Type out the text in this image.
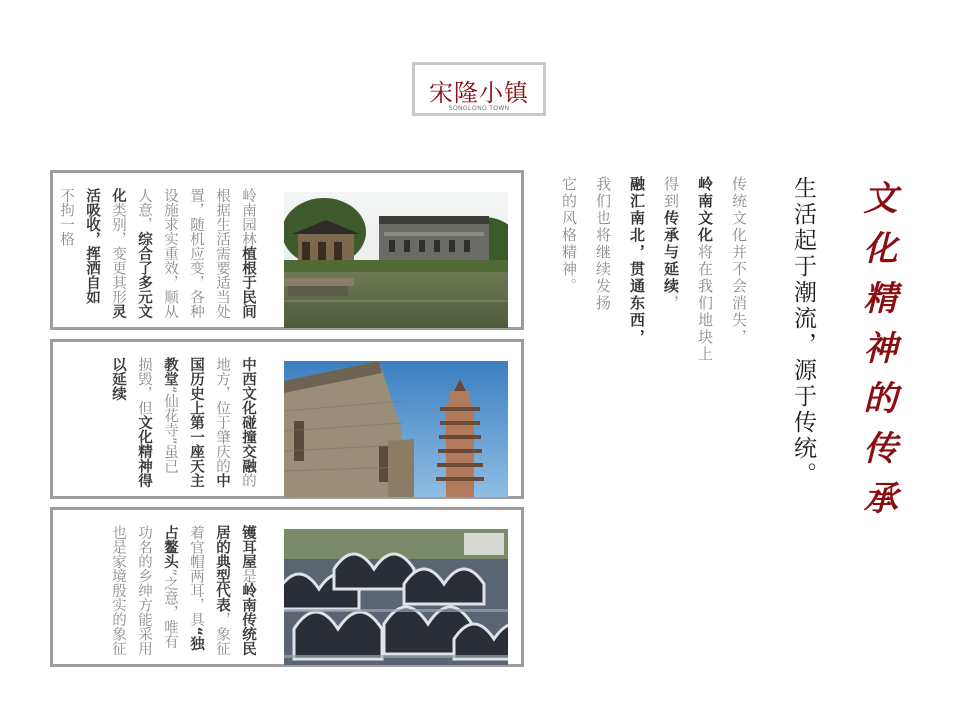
宋隆小镇
SONGLONG TOWN
岭南园林植根于民间
根据生活需要适当处
置，随机应变，各种
设施求实重效，顺从
人意，综合了多元文
化类别，变更其形灵
活吸收，挥洒自如
不拘一格
中西文化碰撞交融的
地方，位于肇庆的中
国历史上第一座天主
教堂“仙花寺”虽已
损毁，但文化精神得
以延续
镬耳屋是岭南传统民
居的典型代表，象征
着官帽两耳，具“独
占鳌头”之意，唯有
功名的乡绅方能采用
也是家境殷实的象征
文化精神的传承
生活起于潮流，源于传统。
传统文化并不会消失，
岭南文化将在我们地块上
得到传承与延续，
融汇南北，贯通东西，
我们也将继续发扬
它的风格精神。
